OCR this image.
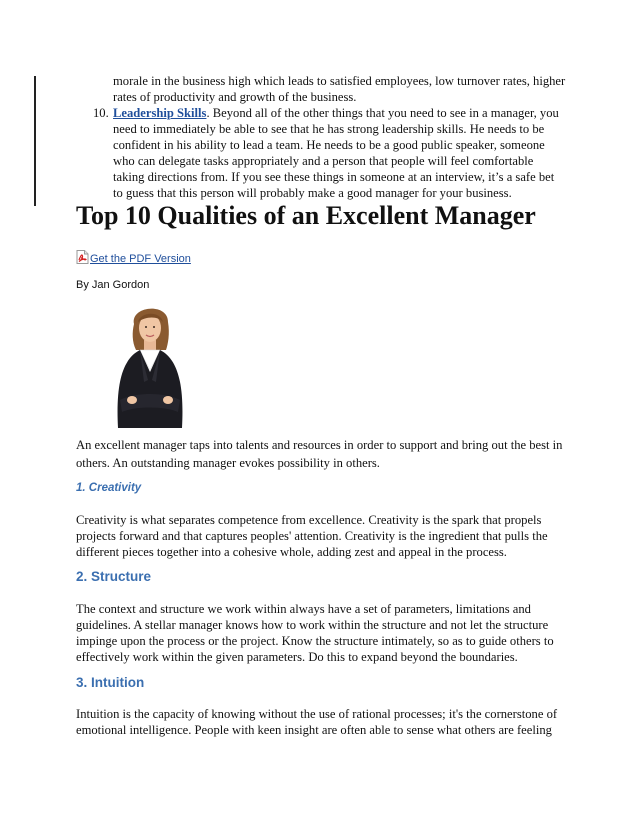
morale in the business high which leads to satisfied employees, low turnover rates, higher
rates of productivity and growth of the business.
10. Leadership Skills. Beyond all of the other things that you need to see in a manager, you
need to immediately be able to see that he has strong leadership skills. He needs to be
confident in his ability to lead a team. He needs to be a good public speaker, someone
who can delegate tasks appropriately and a person that people will feel comfortable
taking directions from. If you see these things in someone at an interview, it’s a safe bet
to guess that this person will probably make a good manager for your business.
Top 10 Qualities of an Excellent Manager
Get the PDF Version
By Jan Gordon
An excellent manager taps into talents and resources in order to support and bring out the best in
others. An outstanding manager evokes possibility in others.
1. Creativity
Creativity is what separates competence from excellence. Creativity is the spark that propels
projects forward and that captures peoples' attention. Creativity is the ingredient that pulls the
different pieces together into a cohesive whole, adding zest and appeal in the process.
2. Structure
The context and structure we work within always have a set of parameters, limitations and
guidelines. A stellar manager knows how to work within the structure and not let the structure
impinge upon the process or the project. Know the structure intimately, so as to guide others to
effectively work within the given parameters. Do this to expand beyond the boundaries.
3. Intuition
Intuition is the capacity of knowing without the use of rational processes; it's the cornerstone of
emotional intelligence. People with keen insight are often able to sense what others are feeling
